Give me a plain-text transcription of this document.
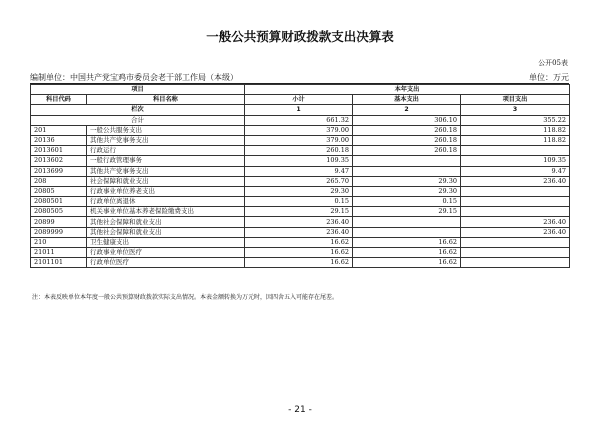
一般公共预算财政拨款支出决算表
公开05表
编制单位：中国共产党宝鸡市委员会老干部工作局（本级）	单位：万元
项目		本年支出		
科目代码	科目名称	小计	基本支出	项目支出
栏次		1	2	3
合计		661.32	306.10	355.22
201	一般公共服务支出	379.00	260.18	118.82
20136	其他共产党事务支出	379.00	260.18	118.82
2013601	行政运行	260.18	260.18	
2013602	一般行政管理事务	109.35		109.35
2013699	其他共产党事务支出	9.47		9.47
208	社会保障和就业支出	265.70	29.30	236.40
20805	行政事业单位养老支出	29.30	29.30	
2080501	行政单位离退休	0.15	0.15	
2080505	机关事业单位基本养老保险缴费支出	29.15	29.15	
20899	其他社会保障和就业支出	236.40		236.40
2089999	其他社会保障和就业支出	236.40		236.40
210	卫生健康支出	16.62	16.62	
21011	行政事业单位医疗	16.62	16.62	
2101101	行政单位医疗	16.62	16.62	
注：本表反映单位本年度一般公共预算财政拨款实际支出情况。本表金额转换为万元时，因四舍五入可能存在尾差。
- 21 -
